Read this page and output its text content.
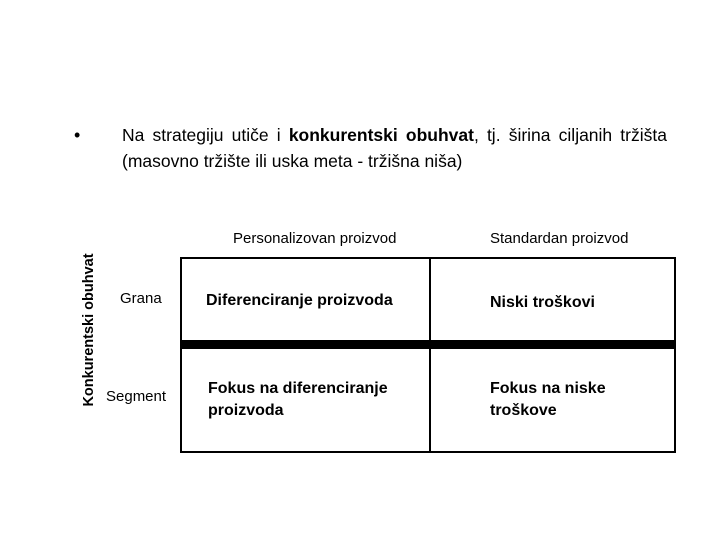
• Na strategiju utiče i konkurentski obuhvat, tj. širina ciljanih tržišta (masovno tržište ili uska meta - tržišna niša)
Personalizovan proizvod	Standardan proizvod
Konkurentski obuhvat Grana
Segment
Diferenciranje proizvoda	Niski troškovi
Fokus na diferenciranje
proizvoda
Fokus na niske
troškove
